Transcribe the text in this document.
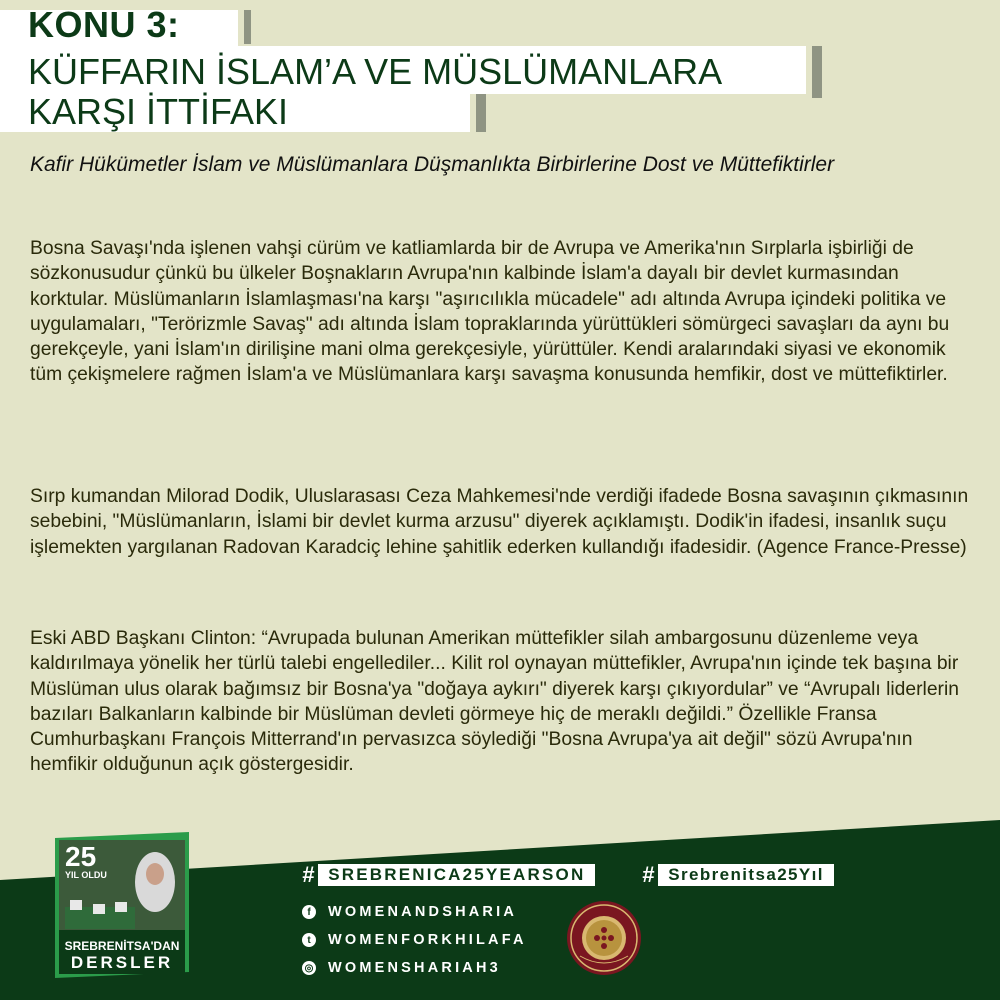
KONU 3:
KÜFFARIN İSLAM’A VE MÜSLÜMANLARA
KARŞI İTTİFAKI
Kafir Hükümetler İslam ve Müslümanlara Düşmanlıkta Birbirlerine Dost ve Müttefiktirler
Bosna Savaşı'nda işlenen vahşi cürüm ve katliamlarda bir de Avrupa ve Amerika'nın Sırplarla işbirliği de sözkonusudur çünkü bu ülkeler Boşnakların Avrupa'nın kalbinde İslam'a dayalı bir devlet kurmasından korktular. Müslümanların İslamlaşması'na karşı "aşırıcılıkla mücadele" adı altında Avrupa içindeki politika ve uygulamaları, "Terörizmle Savaş" adı altında İslam topraklarında yürüttükleri sömürgeci savaşları da aynı bu gerekçeyle, yani İslam'ın dirilişine mani olma gerekçesiyle, yürüttüler. Kendi aralarındaki siyasi ve ekonomik tüm çekişmelere rağmen İslam'a ve Müslümanlara karşı savaşma konusunda hemfikir, dost ve müttefiktirler.
Sırp kumandan Milorad Dodik, Uluslarasası Ceza Mahkemesi'nde verdiği ifadede Bosna savaşının çıkmasının sebebini, "Müslümanların, İslami bir devlet kurma arzusu" diyerek açıklamıştı. Dodik'in ifadesi, insanlık suçu işlemekten yargılanan Radovan Karadciç lehine şahitlik ederken kullandığı ifadesidir. (Agence France-Presse)
Eski ABD Başkanı Clinton: “Avrupada bulunan Amerikan müttefikler silah ambargosunu düzenleme veya kaldırılmaya yönelik her türlü talebi engellediler... Kilit rol oynayan müttefikler, Avrupa'nın içinde tek başına bir Müslüman ulus olarak bağımsız bir Bosna'ya "doğaya aykırı" diyerek karşı çıkıyordular” ve “Avrupalı liderlerin bazıları Balkanların kalbinde bir Müslüman devleti görmeye hiç de meraklı değildi.” Özellikle Fransa Cumhurbaşkanı François Mitterrand'ın pervasızca söylediği "Bosna Avrupa'ya ait değil" sözü Avrupa'nın hemfikir olduğunun açık göstergesidir.
25
YIL OLDU
SREBRENİTSA'DAN
DERSLER
# SREBRENICA25YEARSON	# Srebrenitsa25Yıl
f	WOMENANDSHARIA
t	WOMENFORKHILAFA
◎ WOMENSHARIAH3
